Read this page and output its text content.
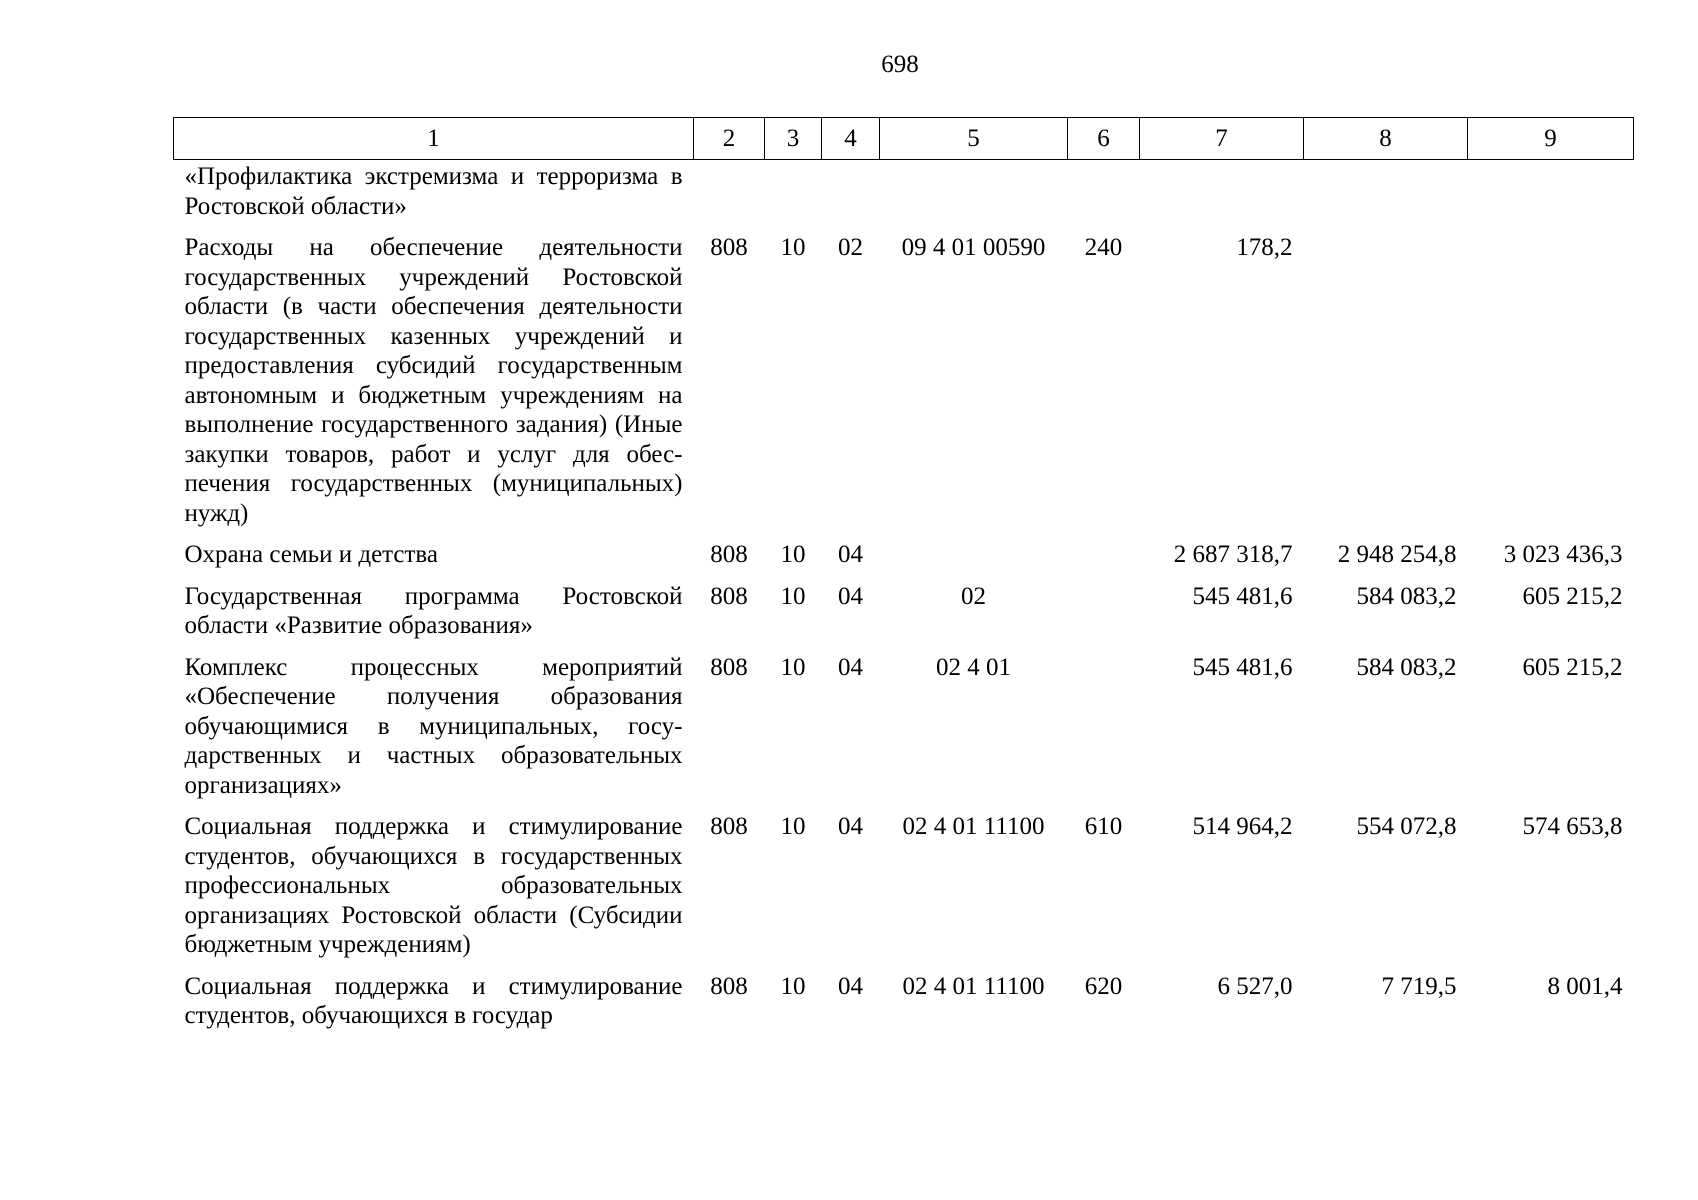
698
1	2	3	4	5	6	7	8	9
«Профилактика экстремизма и терроризма в Ростовской области»								
Расходы на обеспечение деятельности государственных учреждений Ростовской области (в части обеспечения деятельности государственных казенных учреждений и предоставления субсидий государственным автономным и бюджетным учреждениям на выполнение государственного задания) (Иные закупки товаров, работ и услуг для обеспечения государственных (муниципальных) нужд)	808	10	02	09 4 01 00590	240	178,2		
Охрана семьи и детства	808	10	04			2 687 318,7	2 948 254,8	3 023 436,3
Государственная программа Ростовской области «Развитие образования»	808	10	04	02		545 481,6	584 083,2	605 215,2
Комплекс процессных мероприятий «Обеспечение получения образования обучающимися в муниципальных, государственных и частных образовательных организациях»	808	10	04	02 4 01		545 481,6	584 083,2	605 215,2
Социальная поддержка и стимулирование студентов, обучающихся в государственных профессиональных образовательных организациях Ростовской области (Субсидии бюджетным учреждениям)	808	10	04	02 4 01 11100	610	514 964,2	554 072,8	574 653,8
Социальная поддержка и стимулирование студентов, обучающихся в государ	808	10	04	02 4 01 11100	620	6 527,0	7 719,5	8 001,4
